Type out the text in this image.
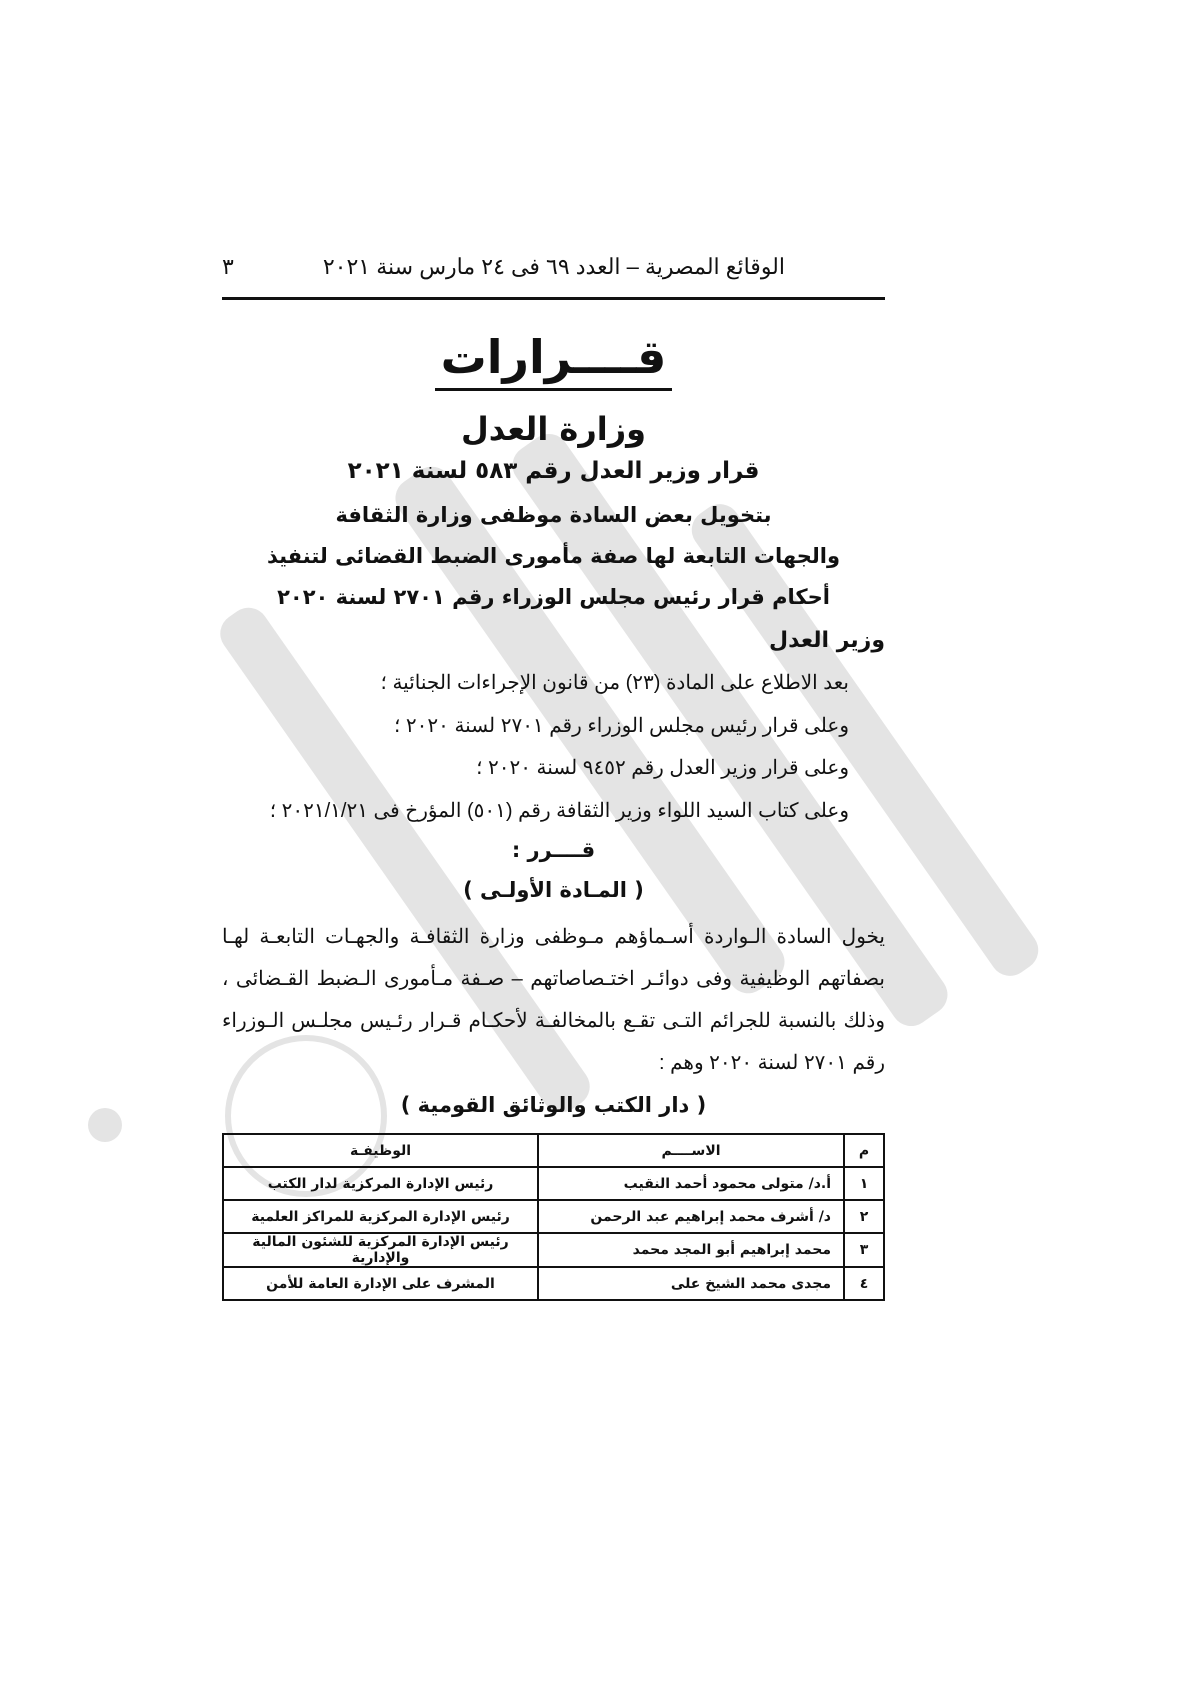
الوقائع المصرية – العدد ٦٩ فى ٢٤ مارس سنة ٢٠٢١
٣
قــــرارات
وزارة العدل
قرار وزير العدل رقم ٥٨٣ لسنة ٢٠٢١
بتخويل بعض السادة موظفى وزارة الثقافة
والجهات التابعة لها صفة مأمورى الضبط القضائى لتنفيذ
أحكام قرار رئيس مجلس الوزراء رقم ٢٧٠١ لسنة ٢٠٢٠
وزير العدل
بعد الاطلاع على المادة (٢٣) من قانون الإجراءات الجنائية ؛
وعلى قرار رئيس مجلس الوزراء رقم ٢٧٠١ لسنة ٢٠٢٠ ؛
وعلى قرار وزير العدل رقم ٩٤٥٢ لسنة ٢٠٢٠ ؛
وعلى كتاب السيد اللواء وزير الثقافة رقم (٥٠١) المؤرخ فى ٢٠٢١/١/٢١ ؛
قــــرر :
( المـادة الأولـى )
يخول السادة الـواردة أسـماؤهم مـوظفى وزارة الثقافـة والجهـات التابعـة لهـا
بصفاتهم الوظيفية وفى دوائـر اختـصاصاتهم – صـفة مـأمورى الـضبط القـضائى ،
وذلك بالنسبة للجرائم التـى تقـع بالمخالفـة لأحكـام قـرار رئـيس مجلـس الـوزراء
رقم ٢٧٠١ لسنة ٢٠٢٠ وهم :
( دار الكتب والوثائق القومية )
م	الاســــم	الوظيفـة
١	أ.د/ متولى محمود أحمد النقيب	رئيس الإدارة المركزية لدار الكتب
٢	د/ أشرف محمد إبراهيم عبد الرحمن	رئيس الإدارة المركزية للمراكز العلمية
٣	محمد إبراهيم أبو المجد محمد	رئيس الإدارة المركزية للشئون المالية والإدارية
٤	مجدى محمد الشيخ على	المشرف على الإدارة العامة للأمن
